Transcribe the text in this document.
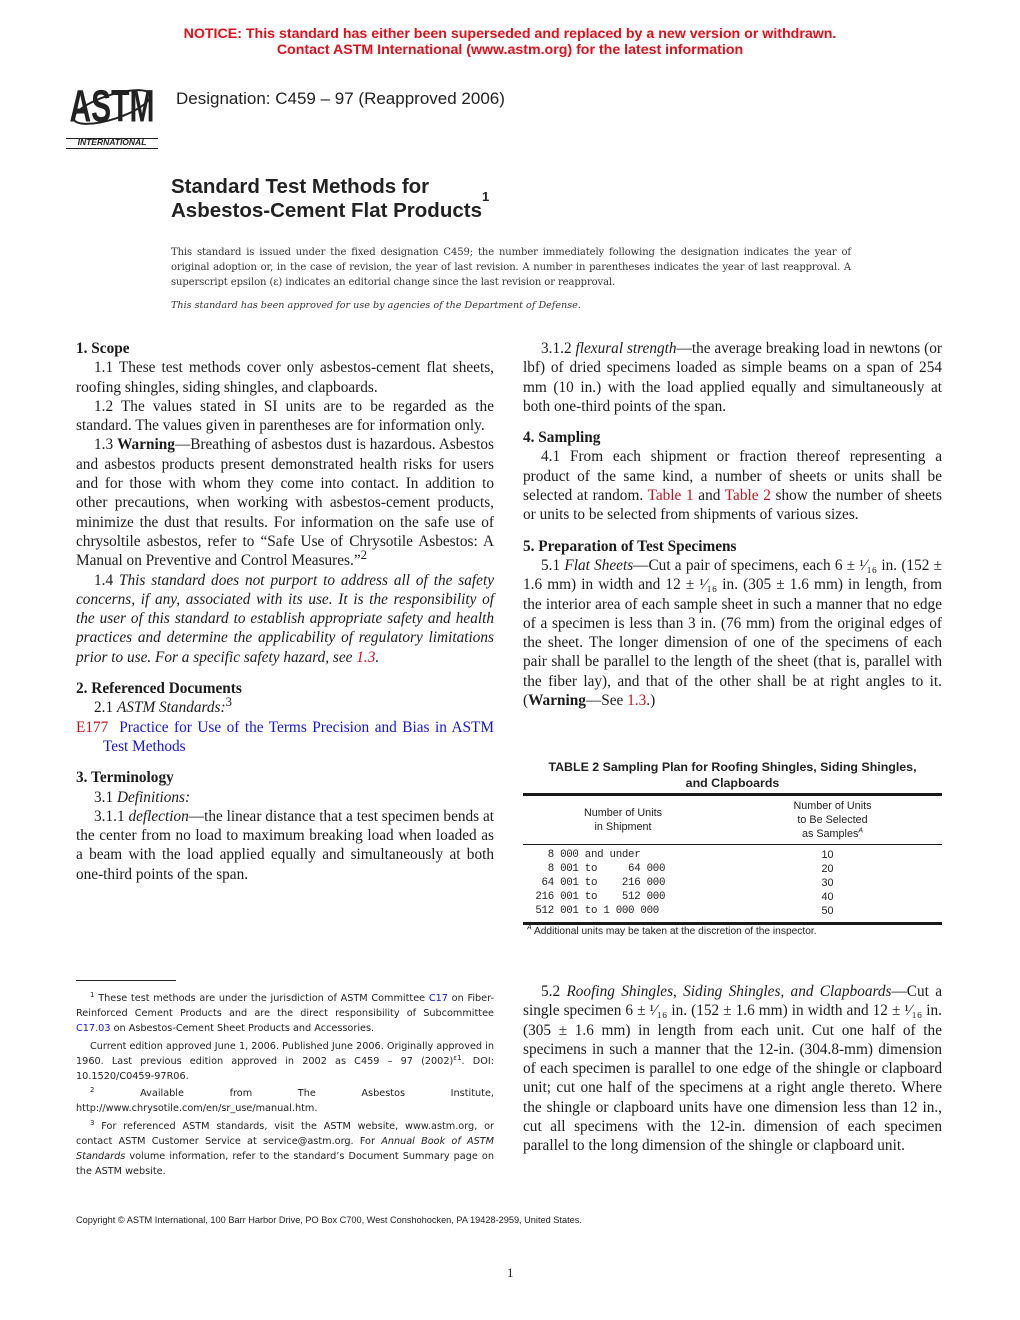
NOTICE: This standard has either been superseded and replaced by a new version or withdrawn.
Contact ASTM International (www.astm.org) for the latest information
ASTM
INTERNATIONAL
Designation: C459 – 97 (Reapproved 2006)
Standard Test Methods for
Asbestos-Cement Flat Products$^1$
This standard is issued under the fixed designation C459; the number immediately following the designation indicates the year of original adoption or, in the case of revision, the year of last revision. A number in parentheses indicates the year of last reapproval. A superscript epsilon (ε) indicates an editorial change since the last revision or reapproval.
This standard has been approved for use by agencies of the Department of Defense.
1. Scope

1.1 These test methods cover only asbestos-cement flat sheets, roofing shingles, siding shingles, and clapboards.

1.2 The values stated in SI units are to be regarded as the standard. The values given in parentheses are for information only.

1.3 Warning—Breathing of asbestos dust is hazardous. Asbestos and asbestos products present demonstrated health risks for users and for those with whom they come into contact. In addition to other precautions, when working with asbestos-cement products, minimize the dust that results. For information on the safe use of chrysoltile asbestos, refer to “Safe Use of Chrysotile Asbestos: A Manual on Preventive and Control Measures.”$^2$

1.4 This standard does not purport to address all of the safety concerns, if any, associated with its use. It is the responsibility of the user of this standard to establish appropriate safety and health practices and determine the applicability of regulatory limitations prior to use. For a specific safety hazard, see 1.3.

2. Referenced Documents

2.1 ASTM Standards:$^3$

E177 Practice for Use of the Terms Precision and Bias in ASTM Test Methods

3. Terminology

3.1 Definitions:

3.1.1 deflection—the linear distance that a test specimen bends at the center from no load to maximum breaking load when loaded as a beam with the load applied equally and simultaneously at both one-third points of the span.

$^1$ These test methods are under the jurisdiction of ASTM Committee C17 on Fiber-Reinforced Cement Products and are the direct responsibility of Subcommittee C17.03 on Asbestos-Cement Sheet Products and Accessories.

Current edition approved June 1, 2006. Published June 2006. Originally approved in 1960. Last previous edition approved in 2002 as C459 – 97 $(2002)^{\varepsilon 1}$. DOI: 10.1520/C0459-97R06.

$^2$ Available from The Asbestos Institute, http://www.chrysotile.com/en/sr_use/manual.htm.

$^3$ For referenced ASTM standards, visit the ASTM website, www.astm.org, or contact ASTM Customer Service at service@astm.org. For Annual Book of ASTM Standards volume information, refer to the standard’s Document Summary page on the ASTM website.

3.1.2 flexural strength—the average breaking load in newtons (or lbf) of dried specimens loaded as simple beams on a span of 254 mm (10 in.) with the load applied equally and simultaneously at both one-third points of the span.

4. Sampling

4.1 From each shipment or fraction thereof representing a product of the same kind, a number of sheets or units shall be selected at random. Table 1 and Table 2 show the number of sheets or units to be selected from shipments of various sizes.

5. Preparation of Test Specimens

5.1 Flat Sheets—Cut a pair of specimens, each 6 ± ¹⁄₁₆ in. (152 ± 1.6 mm) in width and 12 ± ¹⁄₁₆ in. (305 ± 1.6 mm) in length, from the interior area of each sample sheet in such a manner that no edge of a specimen is less than 3 in. (76 mm) from the original edges of the sheet. The longer dimension of one of the specimens of each pair shall be parallel to the length of the sheet (that is, parallel with the fiber lay), and that of the other shall be at right angles to it. (Warning—See 1.3.)

TABLE 2 Sampling Plan for Roofing Shingles, Siding Shingles,
and Clapboards
Number of Units
in Shipment
Number of Units
to Be Selected
as Samples$^A$
8 000 and under	10
8 001 to     64 000	20
64 001 to    216 000	30
216 001 to    512 000	40
512 001 to 1 000 000	50
$^A$ Additional units may be taken at the discretion of the inspector.

5.2 Roofing Shingles, Siding Shingles, and Clapboards—Cut a single specimen 6 ± ¹⁄₁₆ in. (152 ± 1.6 mm) in width and 12 ± ¹⁄₁₆ in. (305 ± 1.6 mm) in length from each unit. Cut one half of the specimens in such a manner that the 12-in. (304.8-mm) dimension of each specimen is parallel to one edge of the shingle or clapboard unit; cut one half of the specimens at a right angle thereto. Where the shingle or clapboard units have one dimension less than 12 in., cut all specimens with the 12-in. dimension of each specimen parallel to the long dimension of the shingle or clapboard unit.

Copyright © ASTM International, 100 Barr Harbor Drive, PO Box C700, West Conshohocken, PA 19428-2959, United States.
1
